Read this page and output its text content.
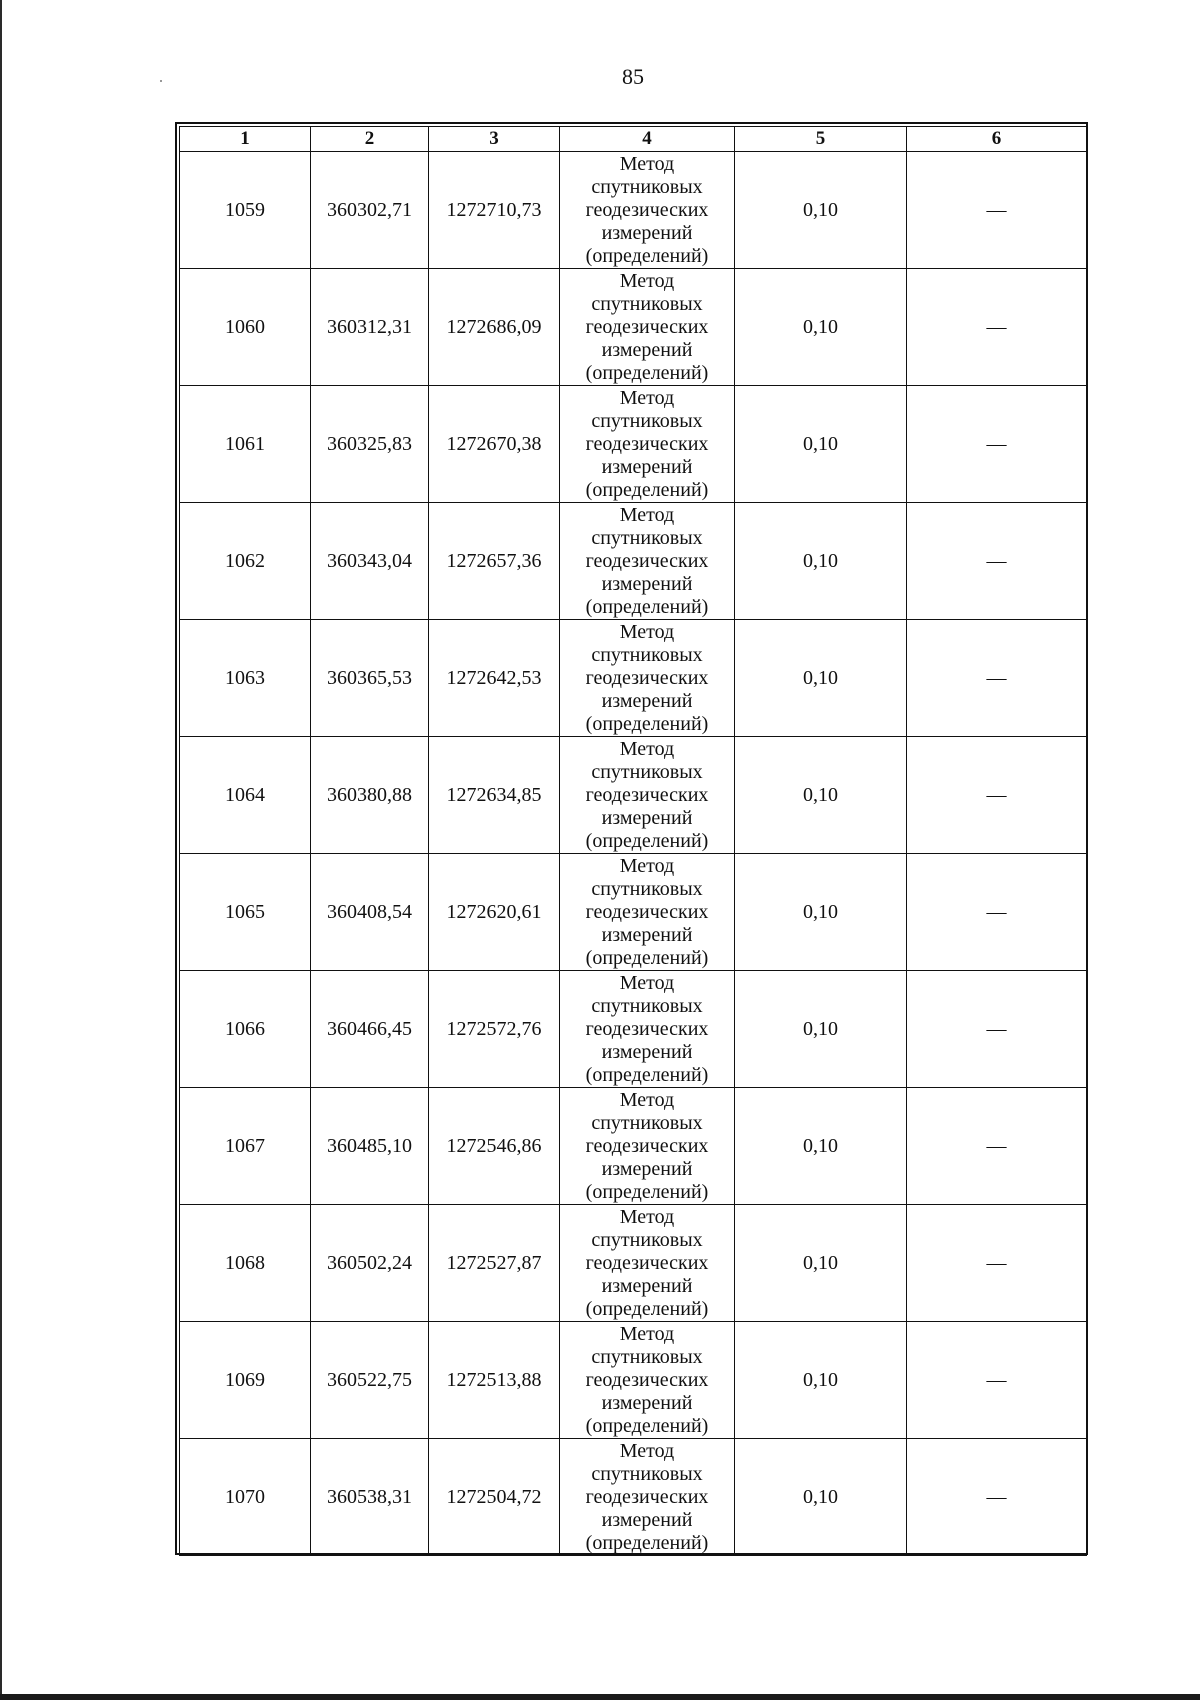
85
1	2	3	4	5	6
1059	360302,71	1272710,73	Метод
спутниковых
геодезических
измерений
(определений)	0,10	—
1060	360312,31	1272686,09	Метод
спутниковых
геодезических
измерений
(определений)	0,10	—
1061	360325,83	1272670,38	Метод
спутниковых
геодезических
измерений
(определений)	0,10	—
1062	360343,04	1272657,36	Метод
спутниковых
геодезических
измерений
(определений)	0,10	—
1063	360365,53	1272642,53	Метод
спутниковых
геодезических
измерений
(определений)	0,10	—
1064	360380,88	1272634,85	Метод
спутниковых
геодезических
измерений
(определений)	0,10	—
1065	360408,54	1272620,61	Метод
спутниковых
геодезических
измерений
(определений)	0,10	—
1066	360466,45	1272572,76	Метод
спутниковых
геодезических
измерений
(определений)	0,10	—
1067	360485,10	1272546,86	Метод
спутниковых
геодезических
измерений
(определений)	0,10	—
1068	360502,24	1272527,87	Метод
спутниковых
геодезических
измерений
(определений)	0,10	—
1069	360522,75	1272513,88	Метод
спутниковых
геодезических
измерений
(определений)	0,10	—
1070	360538,31	1272504,72	Метод
спутниковых
геодезических
измерений
(определений)	0,10	—
